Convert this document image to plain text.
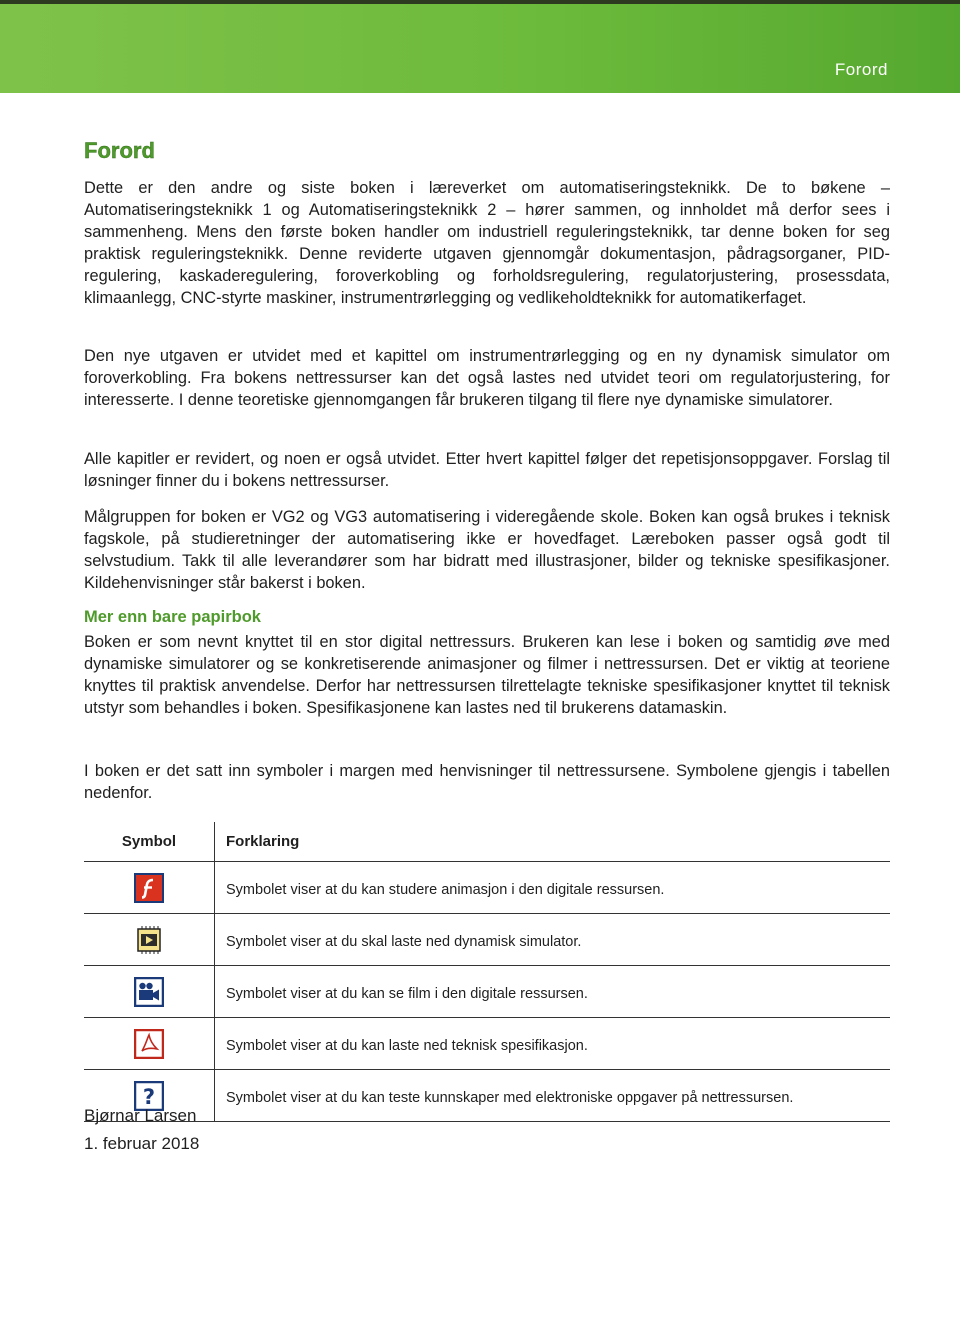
Forord
Forord

Dette er den andre og siste boken i læreverket om automatiseringsteknikk. De to bøkene – Automatiseringsteknikk 1 og Automatiseringsteknikk 2 – hører sammen, og innholdet må derfor sees i sammenheng. Mens den første boken handler om industriell reguleringsteknikk, tar denne boken for seg praktisk reguleringsteknikk. Denne reviderte utgaven gjennomgår dokumentasjon, pådragsorganer, PID-regulering, kaskaderegulering, foroverkobling og forholdsregulering, regulatorjustering, prosessdata, klimaanlegg, CNC-styrte maskiner, instrumentrørlegging og vedlikeholdteknikk for automatikerfaget.

Den nye utgaven er utvidet med et kapittel om instrumentrørlegging og en ny dynamisk simulator om foroverkobling. Fra bokens nettressurser kan det også lastes ned utvidet teori om regulatorjustering, for interesserte. I denne teoretiske gjennomgangen får brukeren tilgang til flere nye dynamiske simulatorer.

Alle kapitler er revidert, og noen er også utvidet. Etter hvert kapittel følger det repetisjonsoppgaver. Forslag til løsninger finner du i bokens nettressurser.

Målgruppen for boken er VG2 og VG3 automatisering i videregående skole. Boken kan også brukes i teknisk fagskole, på studieretninger der automatisering ikke er hovedfaget. Læreboken passer også godt til selvstudium. Takk til alle leverandører som har bidratt med illustrasjoner, bilder og tekniske spesifikasjoner. Kildehenvisninger står bakerst i boken.

Mer enn bare papirbok

Boken er som nevnt knyttet til en stor digital nettressurs. Brukeren kan lese i boken og samtidig øve med dynamiske simulatorer og se konkretiserende animasjoner og filmer i nettressursen. Det er viktig at teoriene knyttes til praktisk anvendelse. Derfor har nettressursen tilrettelagte tekniske spesifikasjoner knyttet til teknisk utstyr som behandles i boken. Spesifikasjonene kan lastes ned til brukerens datamaskin.

I boken er det satt inn symboler i margen med henvisninger til nettressursene. Symbolene gjengis i tabellen nedenfor.

Symbol	Forklaring
	Symbolet viser at du kan studere animasjon i den digitale ressursen.
	Symbolet viser at du skal laste ned dynamisk simulator.
	Symbolet viser at du kan se film i den digitale ressursen.
	Symbolet viser at du kan laste ned teknisk spesifikasjon.

?	Symbolet viser at du kan teste kunnskaper med elektroniske oppgaver på nettressursen.
Bjørnar Larsen
1. februar 2018
